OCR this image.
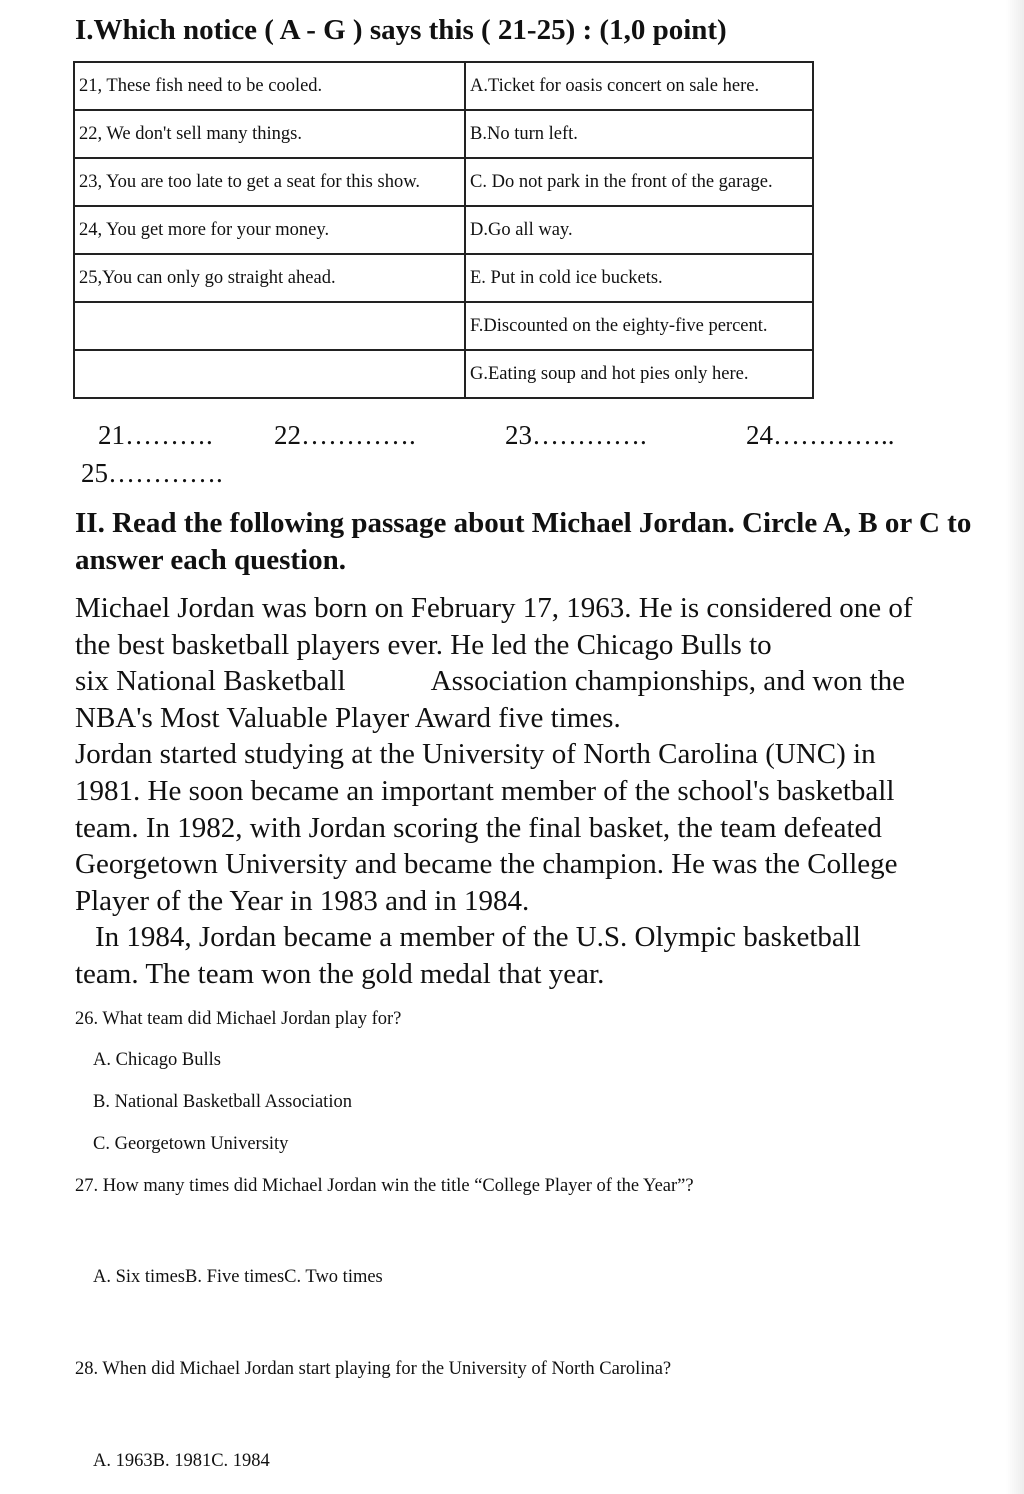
I.Which notice ( A - G ) says this ( 21-25) : (1,0 point)
21, These fish need to be cooled.	A.Ticket for oasis concert on sale here.
22, We don't sell many things.	B.No turn left.
23, You are too late to get a seat for this show.	C. Do not park in the front of the garage.
24, You get more for your money.	D.Go all way.
25,You can only go straight ahead.	E. Put in cold ice buckets.
	F.Discounted on the eighty-five percent.
	G.Eating soup and hot pies only here.
21………. 22………….	23………….	24…………..
25………….
II. Read the following passage about Michael Jordan. Circle A, B or C to answer each question.
Michael Jordan was born on February 17, 1963. He is considered one of
the best basketball players ever. He led the Chicago Bulls to
six National Basketball	Association championships, and won the
NBA's Most Valuable Player Award five times.
Jordan started studying at the University of North Carolina (UNC) in
1981. He soon became an important member of the school's basketball
team. In 1982, with Jordan scoring the final basket, the team defeated
Georgetown University and became the champion. He was the College
Player of the Year in 1983 and in 1984.
In 1984, Jordan became a member of the U.S. Olympic basketball
team. The team won the gold medal that year.
26. What team did Michael Jordan play for?
A. Chicago Bulls
B. National Basketball Association
C. Georgetown University
27. How many times did Michael Jordan win the title “College Player of the Year”?
A. Six timesB. Five timesC. Two times
28. When did Michael Jordan start playing for the University of North Carolina?
A. 1963B. 1981C. 1984
